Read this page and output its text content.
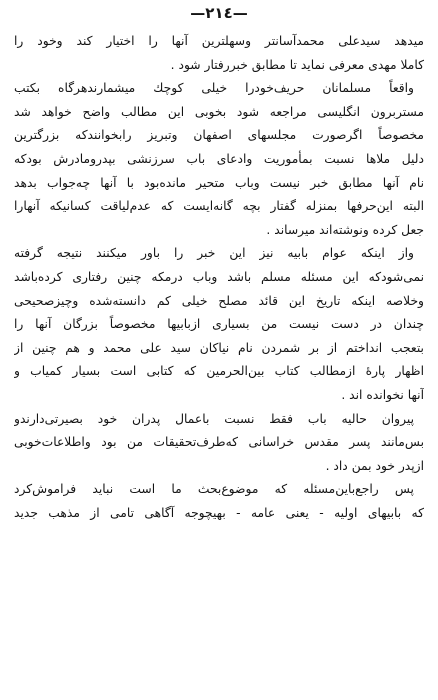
—٢١٤—
میدهد سیدعلی محمدآسانتر وسهلترین آنها را اختیار کند وخود را
کاملا مهدی معرفی نماید تا مطابق خبررفتار شود .
واقعاً مسلمانان حریف‌خودرا خیلی کوچك میشمارندهرگاه بکتب
مستربرون انگلیسی مراجعه شود بخوبی این مطالب واضح خواهد شد
مخصوصاً اگرصورت مجلسهای اصفهان وتبریز رابخوانندکه بزرگترین
دلیل ملاها نسبت بمأموریت وادعای باب سرزنشی بپدرومادرش بودکه
نام آنها مطابق خبر نیست وباب متحیر مانده‌بود با آنها چه‌جواب بدهد
البته این‌حرفها بمنزله گفتار بچه گانه‌ایست که عدم‌لیاقت کسانیکه آنهارا
جعل کرده ونوشته‌اند میرساند .
واز اینکه عوام بابیه نیز این خبر را باور میکنند نتیجه گرفته
نمی‌شودکه این مسئله مسلم باشد وباب درمکه چنین رفتاری کرده‌باشد
وخلاصه اینکه تاریخ این قائد مصلح خیلی کم دانسته‌شده وچیزصحیحی
چندان در دست نیست من بسیاری ازبابیها مخصوصاً بزرگان آنها را
بتعجب انداختم از بر شمردن نام نیاکان سید علی محمد و هم چنین از
اظهار پارهٔ ازمطالب کتاب بین‌الحرمین که کتابی است بسیار کمیاب و
آنها نخوانده اند .
پیروان حالیه باب فقط نسبت باعمال پدران خود بصیرتی‌دارندو
بس‌مانند پسر مقدس خراسانی که‌طرف‌تحقیقات من بود واطلاعات‌خوبی
ازپدر خود بمن داد .
پس راجع‌باین‌مسئله که موضوع‌بحث ما است نباید فراموش‌کرد
که بابیهای اولیه - یعنی عامه - بهیچوجه آگاهی تامی از مذهب جدید
